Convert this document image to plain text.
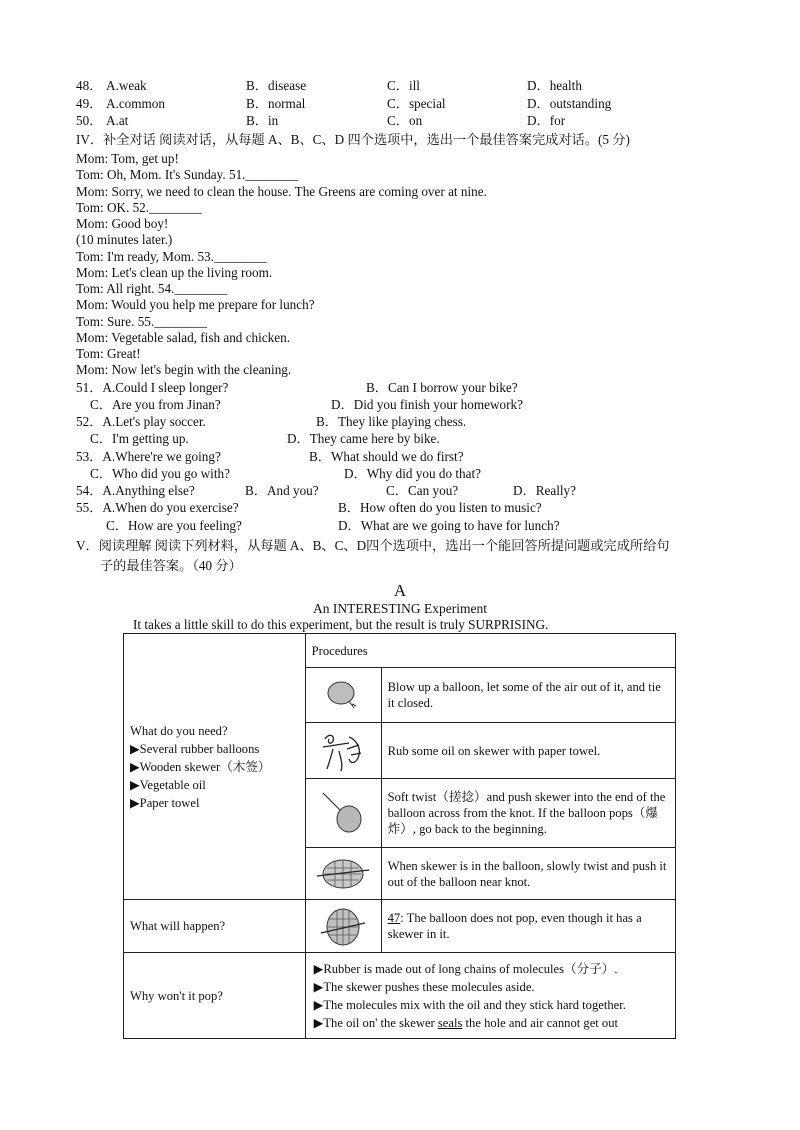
48． A.weak	B．disease	C．ill	D．health
49． A.common	B．normal	C．special	D．outstanding
50． A.at	B．in	C．on	D．for
IV．补全对话 阅读对话，从每题 A、B、C、D 四个选项中，选出一个最佳答案完成对话。(5 分)
Mom: Tom, get up!
Tom: Oh, Mom. It's Sunday. 51.________
Mom: Sorry, we need to clean the house. The Greens are coming over at nine.
Tom: OK. 52.________
Mom: Good boy!
(10 minutes later.)
Tom: I'm ready, Mom. 53.________
Mom: Let's clean up the living room.
Tom: All right. 54.________
Mom: Would you help me prepare for lunch?
Tom: Sure. 55.________
Mom: Vegetable salad, fish and chicken.
Tom: Great!
Mom: Now let's begin with the cleaning.
51．A.Could I sleep longer?	B．Can I borrow your bike?
C．Are you from Jinan?	D．Did you finish your homework?
52．A.Let's play soccer.	B．They like playing chess.
C．I'm getting up.	D．They came here by bike.
53．A.Where're we going?	B．What should we do first?
C．Who did you go with?	D．Why did you do that?
54．A.Anything else?	B．And you?	C．Can you?	D．Really?
55．A.When do you exercise?	B．How often do you listen to music?
C．How are you feeling?	D．What are we going to have for lunch?
V．阅读理解 阅读下列材料，从每题 A、B、C、D四个选项中，选出一个能回答所提问题或完成所给句
子的最佳答案。（40 分）
A
An INTERESTING Experiment
It takes a little skill to do this experiment, but the result is truly SURPRISING.
What do you need?
▶Several rubber balloons
▶Wooden skewer（木签）
▶Vegetable oil
▶Paper towel	Procedures	

	Blow up a balloon, let some of the air out of it, and tie it closed.

	Rub some oil on skewer with paper towel.

	Soft twist（搓捻）and push skewer into the end of the balloon across from the knot. If the balloon pops（爆炸）, go back to the beginning.

	When skewer is in the balloon, slowly twist and push it out of the balloon near knot.
What will happen?		47: The balloon does not pop, even though it has a skewer in it.
Why won't it pop?	▶Rubber is made out of long chains of molecules（分子）.
▶The skewer pushes these molecules aside.
▶The molecules mix with the oil and they stick hard together.
▶The oil on' the skewer seals the hole and air cannot get out	
